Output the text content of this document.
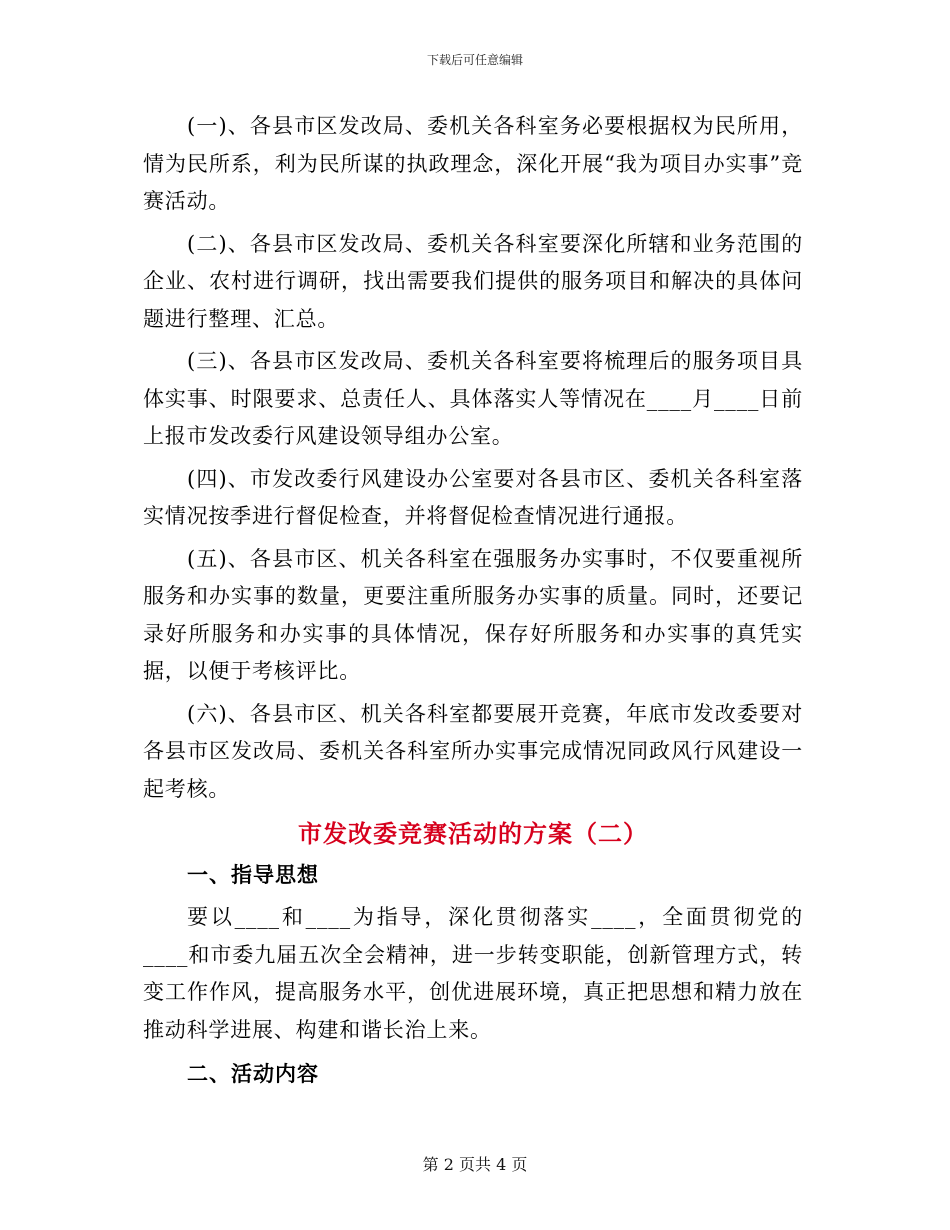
下载后可任意编辑

(一)、各县市区发改局、委机关各科室务必要根据权为民所用，情为民所系，利为民所谋的执政理念，深化开展“我为项目办实事”竞赛活动。

(二)、各县市区发改局、委机关各科室要深化所辖和业务范围的企业、农村进行调研，找出需要我们提供的服务项目和解决的具体问题进行整理、汇总。

(三)、各县市区发改局、委机关各科室要将梳理后的服务项目具体实事、时限要求、总责任人、具体落实人等情况在____月____日前上报市发改委行风建设领导组办公室。

(四)、市发改委行风建设办公室要对各县市区、委机关各科室落实情况按季进行督促检查，并将督促检查情况进行通报。

(五)、各县市区、机关各科室在强服务办实事时，不仅要重视所服务和办实事的数量，更要注重所服务办实事的质量。同时，还要记录好所服务和办实事的具体情况，保存好所服务和办实事的真凭实据，以便于考核评比。

(六)、各县市区、机关各科室都要展开竞赛，年底市发改委要对各县市区发改局、委机关各科室所办实事完成情况同政风行风建设一起考核。

市发改委竞赛活动的方案（二）
一、指导思想

要以____和____为指导，深化贯彻落实____，全面贯彻党的____和市委九届五次全会精神，进一步转变职能，创新管理方式，转变工作作风，提高服务水平，创优进展环境，真正把思想和精力放在推动科学进展、构建和谐长治上来。

二、活动内容
第 2 页共 4 页
